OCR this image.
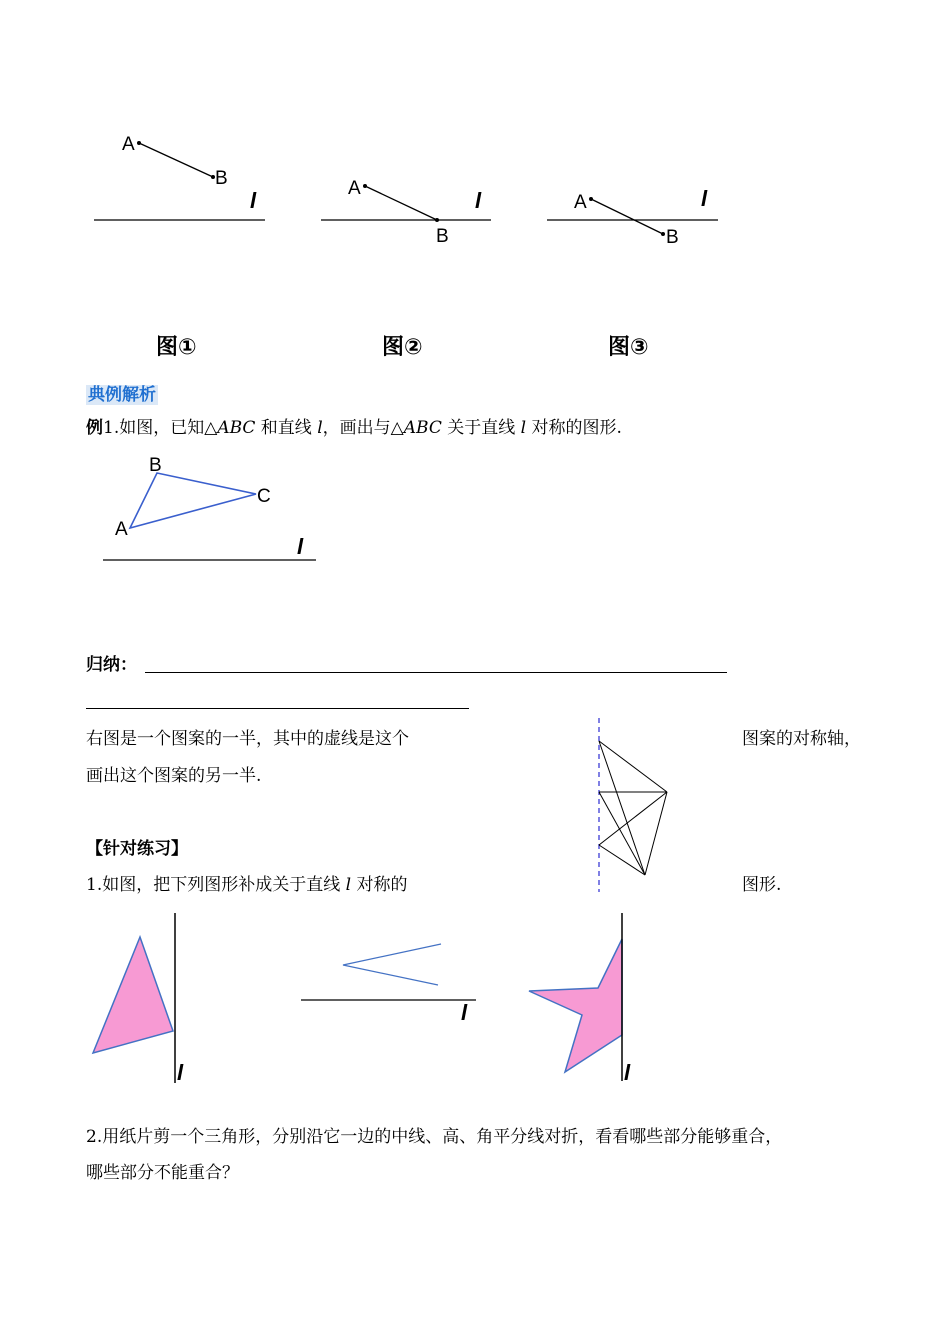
A
B
l	A
B
l	A
B
l
图①	图②	图③
典例解析
例1.如图，已知△ABC 和直线 l，画出与△ABC 关于直线 l 对称的图形.
B
C
A
l
归纳：
右图是一个图案的一半，其中的虚线是这个	图案的对称轴，
画出这个图案的另一半.
【针对练习】
1.如图，把下列图形补成关于直线 l 对称的	图形.
l
l
l
2.用纸片剪一个三角形，分别沿它一边的中线、高、角平分线对折，看看哪些部分能够重合，
哪些部分不能重合？
